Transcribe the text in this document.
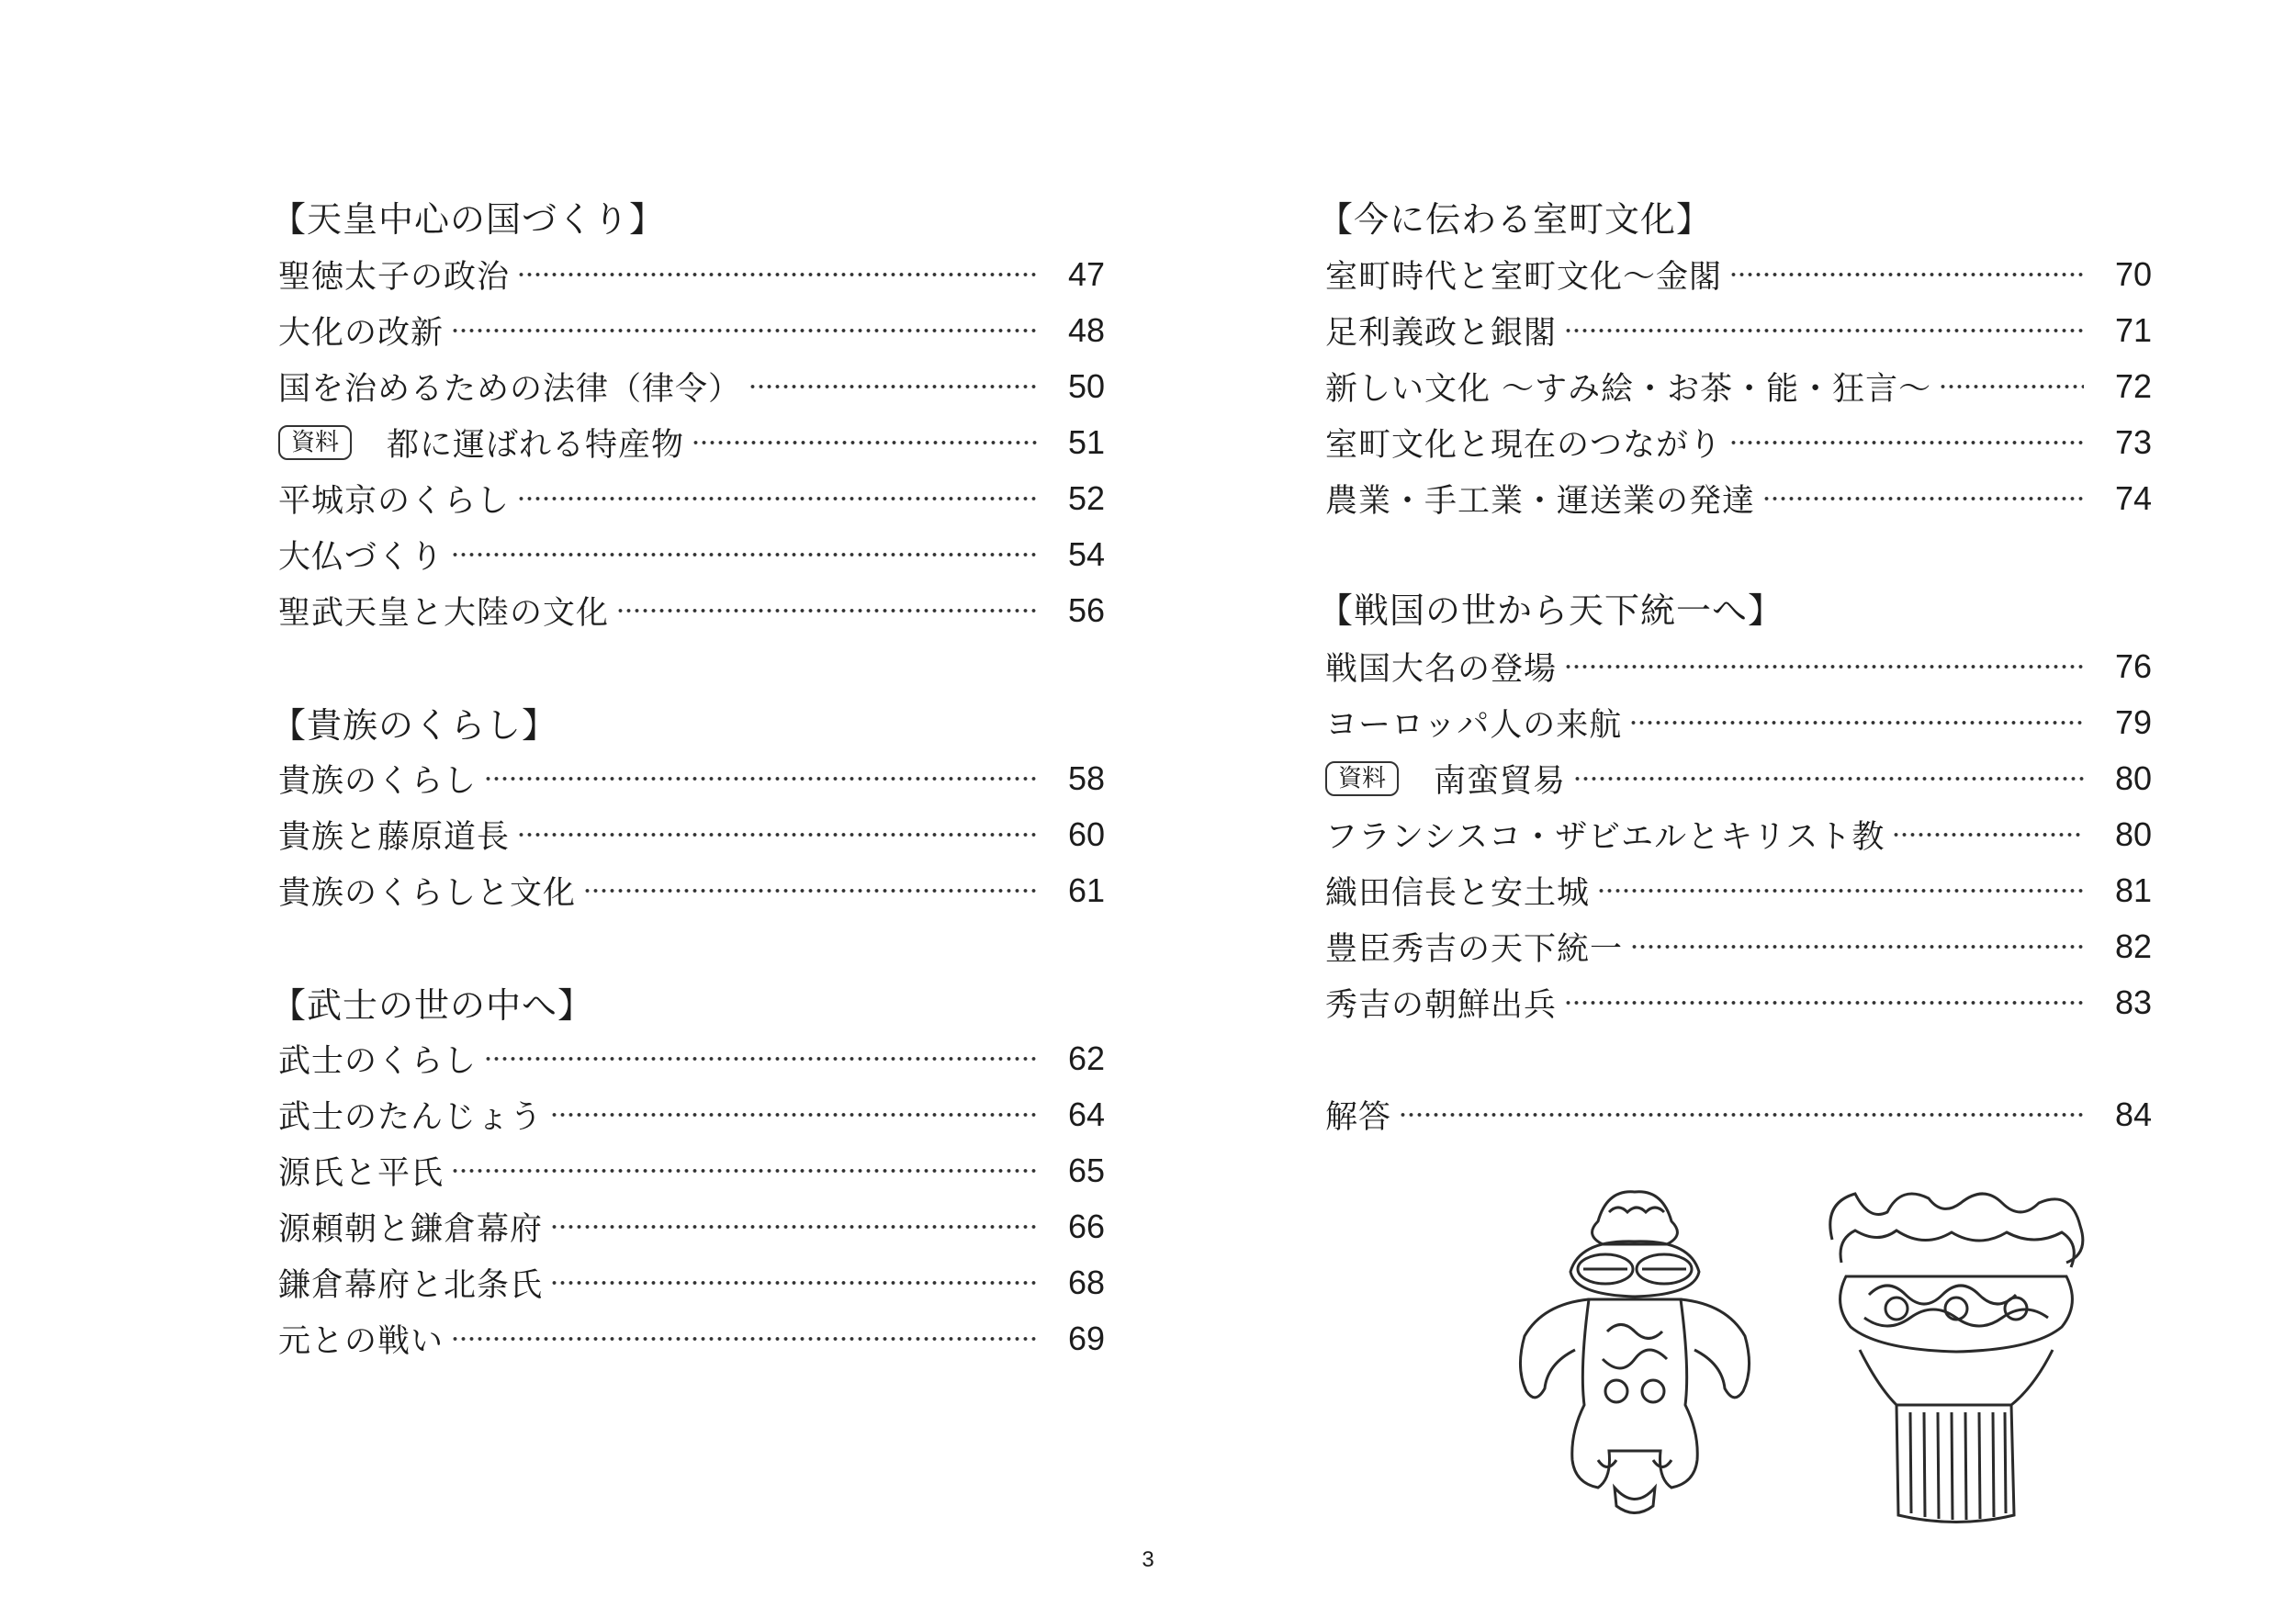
【天皇中心の国づくり】
聖徳太子の政治	47
大化の改新	48
国を治めるための法律（律令）	50
資料	都に運ばれる特産物	51
平城京のくらし	52
大仏づくり	54
聖武天皇と大陸の文化	56
【貴族のくらし】
貴族のくらし	58
貴族と藤原道長	60
貴族のくらしと文化	61
【武士の世の中へ】
武士のくらし	62
武士のたんじょう	64
源氏と平氏	65
源頼朝と鎌倉幕府	66
鎌倉幕府と北条氏	68
元との戦い	69
【今に伝わる室町文化】
室町時代と室町文化～金閣	70
足利義政と銀閣	71
新しい文化 ～すみ絵・お茶・能・狂言～	72
室町文化と現在のつながり	73
農業・手工業・運送業の発達	74
【戦国の世から天下統一へ】
戦国大名の登場	76
ヨーロッパ人の来航	79
資料	南蛮貿易	80
フランシスコ・ザビエルとキリスト教	80
織田信長と安土城	81
豊臣秀吉の天下統一	82
秀吉の朝鮮出兵	83
解答	84
3
